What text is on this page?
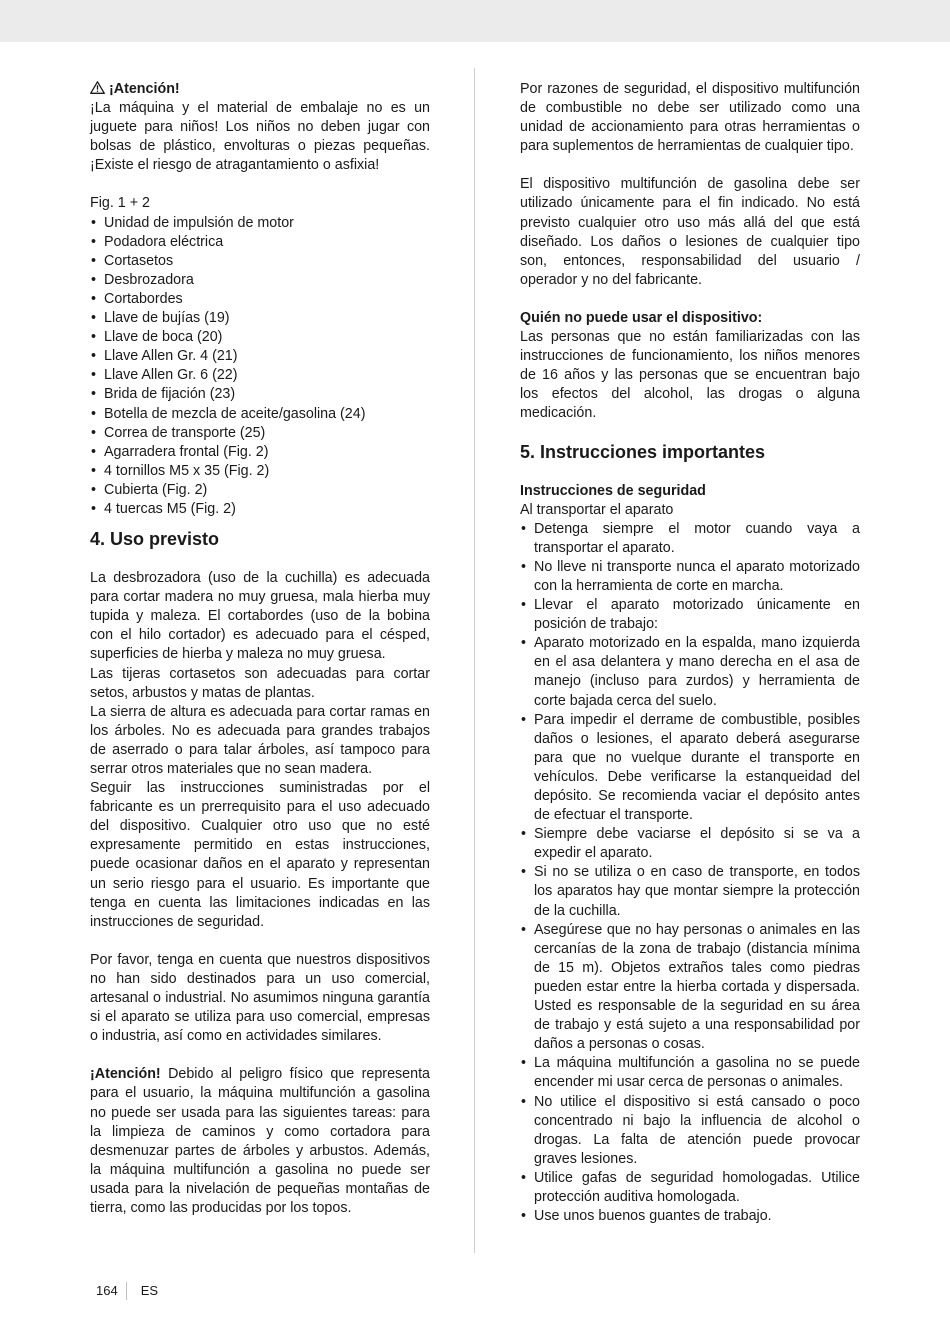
¡Atención!

¡La máquina y el material de embalaje no es un juguete para niños! Los niños no deben jugar con bolsas de plástico, envolturas o piezas pequeñas. ¡Existe el riesgo de atragantamiento o asfixia!

Fig. 1 + 2

• Unidad de impulsión de motor
• Podadora eléctrica
• Cortasetos
• Desbrozadora
• Cortabordes
• Llave de bujías (19)
• Llave de boca (20)
• Llave Allen Gr. 4 (21)
• Llave Allen Gr. 6 (22)
• Brida de fijación (23)
• Botella de mezcla de aceite/gasolina (24)
• Correa de transporte (25)
• Agarradera frontal (Fig. 2)
• 4 tornillos M5 x 35 (Fig. 2)
• Cubierta (Fig. 2)
• 4 tuercas M5 (Fig. 2)
4. Uso previsto

La desbrozadora (uso de la cuchilla) es adecuada para cortar madera no muy gruesa, mala hierba muy tupida y maleza. El cortabordes (uso de la bobina con el hilo cortador) es adecuado para el césped, superficies de hierba y maleza no muy gruesa.

Las tijeras cortasetos son adecuadas para cortar setos, arbustos y matas de plantas.

La sierra de altura es adecuada para cortar ramas en los árboles. No es adecuada para grandes trabajos de aserrado o para talar árboles, así tampoco para serrar otros materiales que no sean madera.

Seguir las instrucciones suministradas por el fabricante es un prerrequisito para el uso adecuado del dispositivo. Cualquier otro uso que no esté expresamente permitido en estas instrucciones, puede ocasionar daños en el aparato y representan un serio riesgo para el usuario. Es importante que tenga en cuenta las limitaciones indicadas en las instrucciones de seguridad.

Por favor, tenga en cuenta que nuestros dispositivos no han sido destinados para un uso comercial, artesanal o industrial. No asumimos ninguna garantía si el aparato se utiliza para uso comercial, empresas o industria, así como en actividades similares.

¡Atención! Debido al peligro físico que representa para el usuario, la máquina multifunción a gasolina no puede ser usada para las siguientes tareas: para la limpieza de caminos y como cortadora para desmenuzar partes de árboles y arbustos. Además, la máquina multifunción a gasolina no puede ser usada para la nivelación de pequeñas montañas de tierra, como las producidas por los topos.

Por razones de seguridad, el dispositivo multifunción de combustible no debe ser utilizado como una unidad de accionamiento para otras herramientas o para suplementos de herramientas de cualquier tipo.

El dispositivo multifunción de gasolina debe ser utilizado únicamente para el fin indicado. No está previsto cualquier otro uso más allá del que está diseñado. Los daños o lesiones de cualquier tipo son, entonces, responsabilidad del usuario / operador y no del fabricante.

Quién no puede usar el dispositivo:

Las personas que no están familiarizadas con las instrucciones de funcionamiento, los niños menores de 16 años y las personas que se encuentran bajo los efectos del alcohol, las drogas o alguna medicación.

5. Instrucciones importantes

Instrucciones de seguridad

Al transportar el aparato

• Detenga siempre el motor cuando vaya a transportar el aparato.
• No lleve ni transporte nunca el aparato motorizado con la herramienta de corte en marcha.
• Llevar el aparato motorizado únicamente en posición de trabajo:
• Aparato motorizado en la espalda, mano izquierda en el asa delantera y mano derecha en el asa de manejo (incluso para zurdos) y herramienta de corte bajada cerca del suelo.
• Para impedir el derrame de combustible, posibles daños o lesiones, el aparato deberá asegurarse para que no vuelque durante el transporte en vehículos. Debe verificarse la estanqueidad del depósito. Se recomienda vaciar el depósito antes de efectuar el transporte.
• Siempre debe vaciarse el depósito si se va a expedir el aparato.
• Si no se utiliza o en caso de transporte, en todos los aparatos hay que montar siempre la protección de la cuchilla.
• Asegúrese que no hay personas o animales en las cercanías de la zona de trabajo (distancia mínima de 15 m). Objetos extraños tales como piedras pueden estar entre la hierba cortada y dispersada. Usted es responsable de la seguridad en su área de trabajo y está sujeto a una responsabilidad por daños a personas o cosas.
• La máquina multifunción a gasolina no se puede encender mi usar cerca de personas o animales.
• No utilice el dispositivo si está cansado o poco concentrado ni bajo la influencia de alcohol o drogas. La falta de atención puede provocar graves lesiones.
• Utilice gafas de seguridad homologadas. Utilice protección auditiva homologada.
• Use unos buenos guantes de trabajo.
164 ES
